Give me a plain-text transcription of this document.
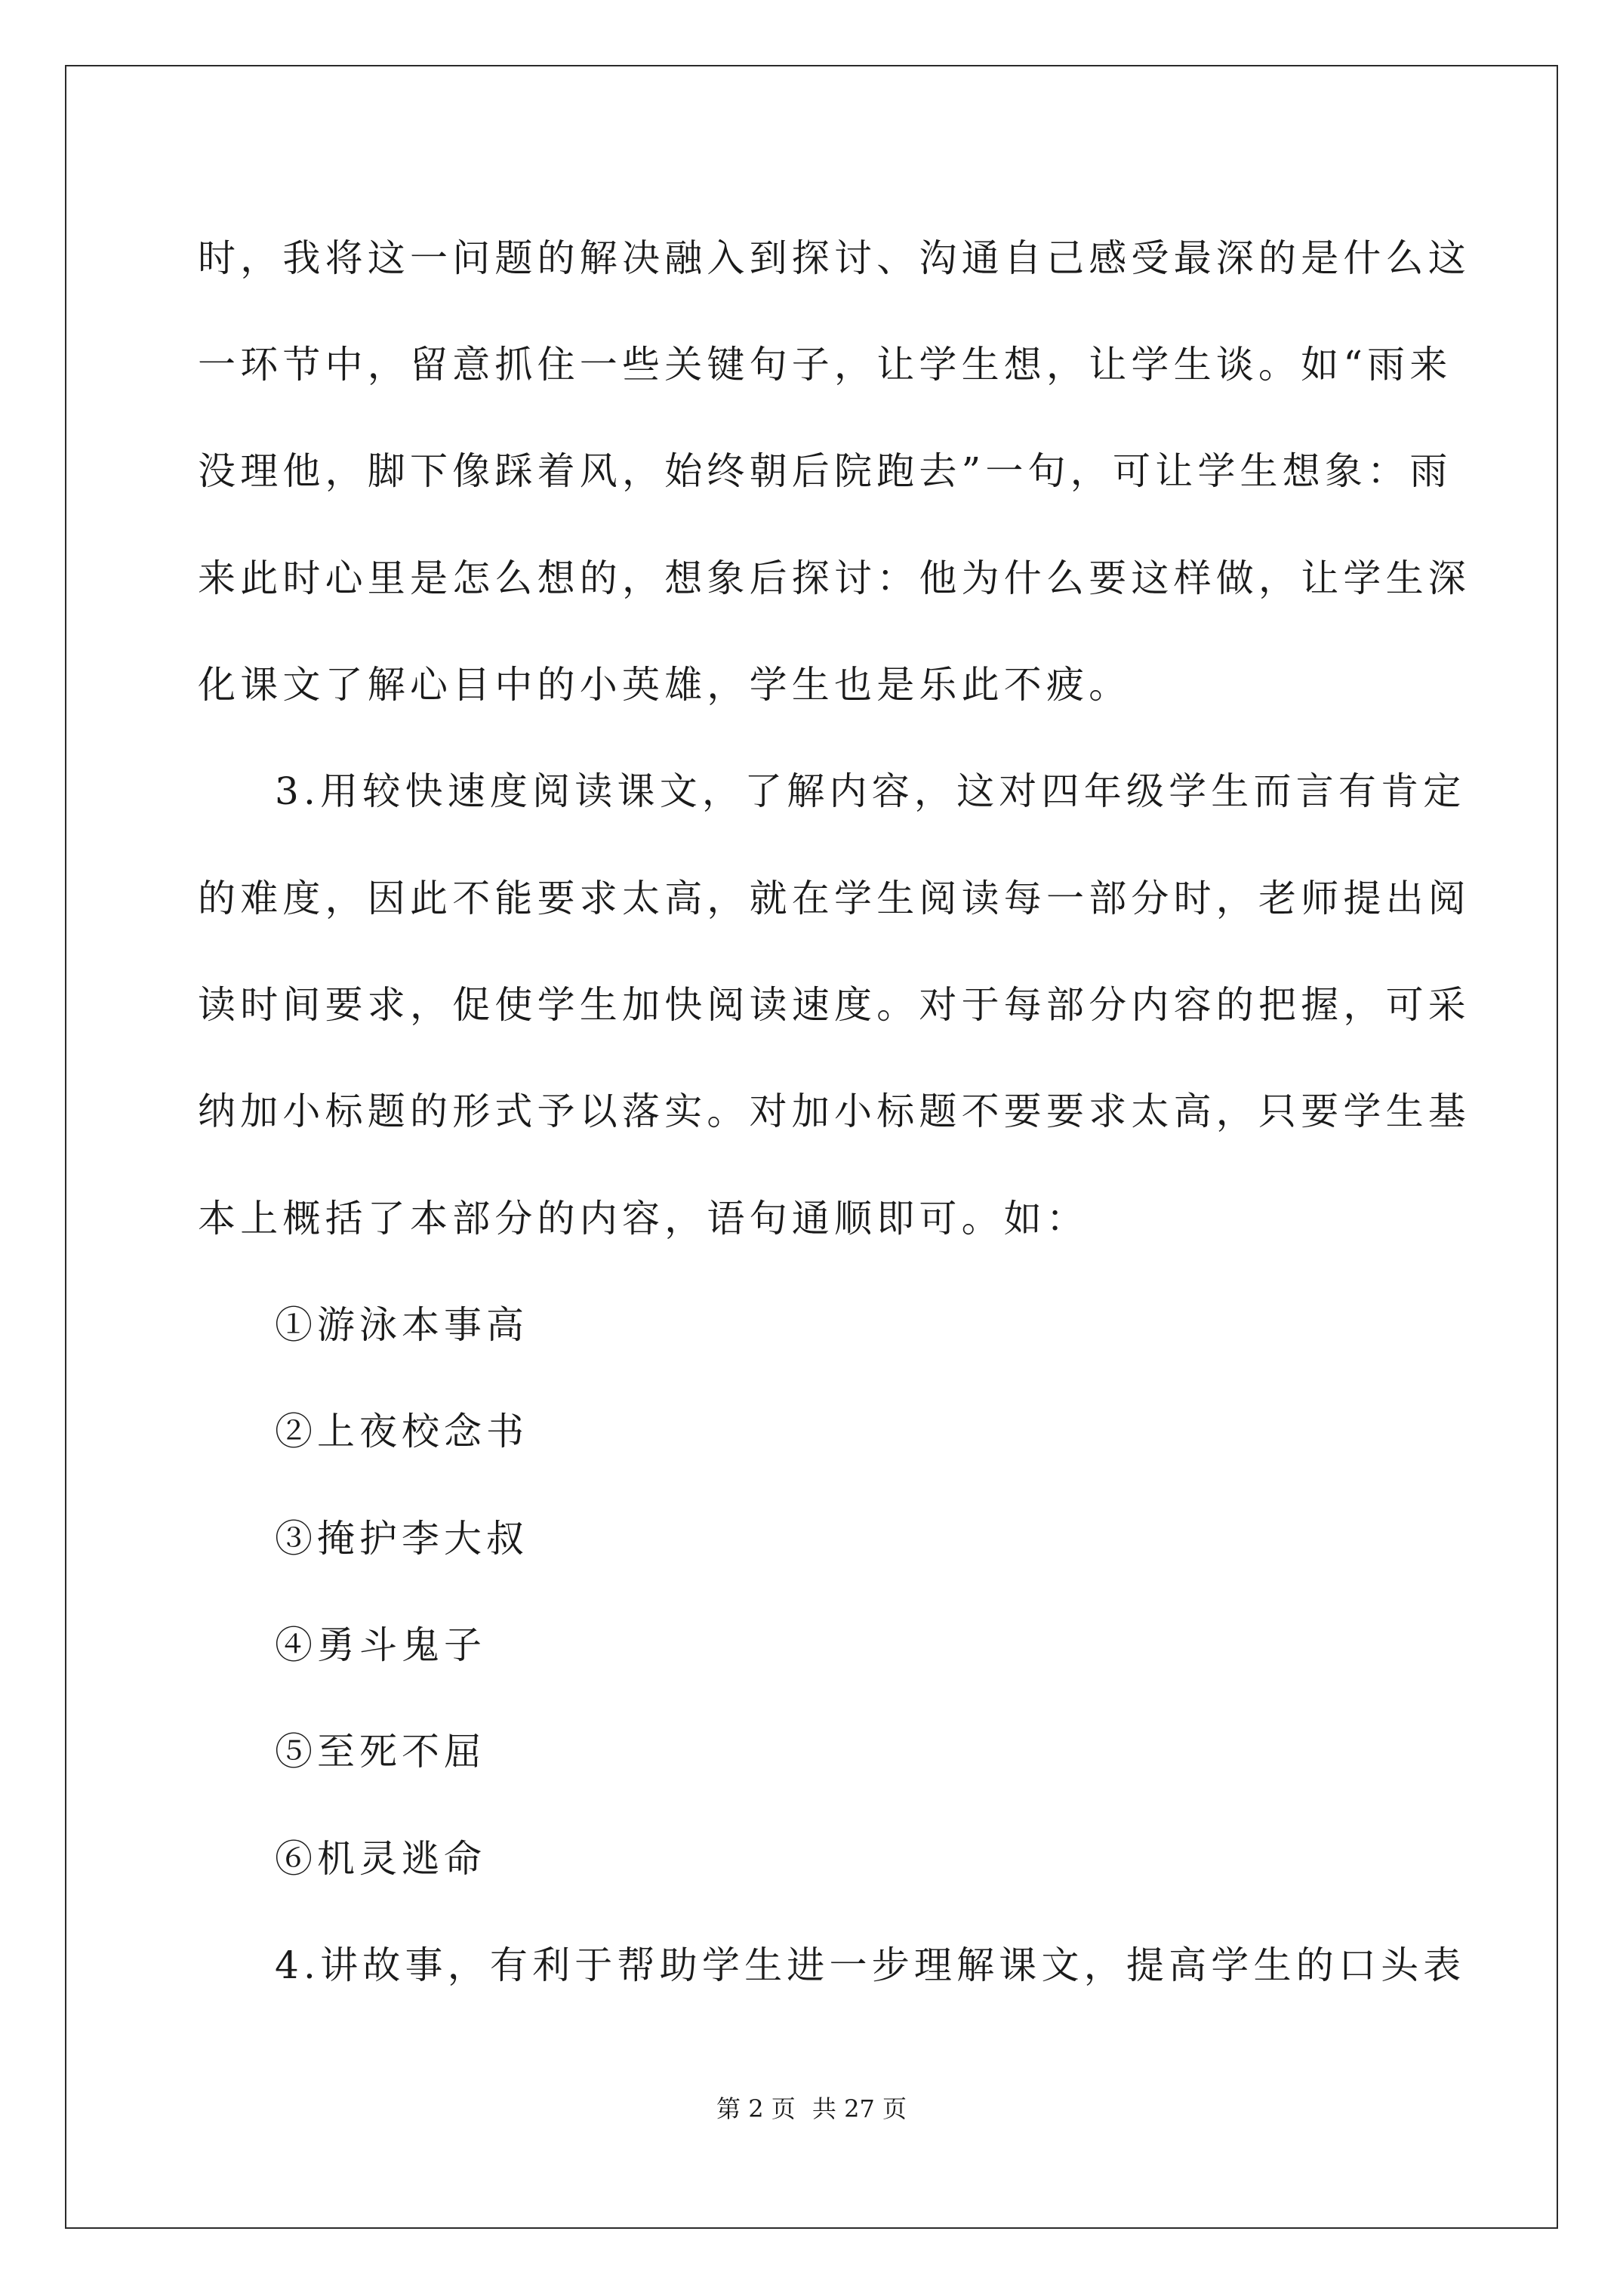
时，我将这一问题的解决融入到探讨、沟通自己感受最深的是什么这
一环节中，留意抓住一些关键句子，让学生想，让学生谈。如“雨来
没理他，脚下像踩着风，始终朝后院跑去”一句，可让学生想象：雨
来此时心里是怎么想的，想象后探讨：他为什么要这样做，让学生深
化课文了解心目中的小英雄，学生也是乐此不疲。
3.用较快速度阅读课文，了解内容，这对四年级学生而言有肯定
的难度，因此不能要求太高，就在学生阅读每一部分时，老师提出阅
读时间要求，促使学生加快阅读速度。对于每部分内容的把握，可采
纳加小标题的形式予以落实。对加小标题不要要求太高，只要学生基
本上概括了本部分的内容，语句通顺即可。如：
①游泳本事高
②上夜校念书
③掩护李大叔
④勇斗鬼子
⑤至死不屈
⑥机灵逃命
4.讲故事，有利于帮助学生进一步理解课文，提高学生的口头表
第 2 页 共 27 页
